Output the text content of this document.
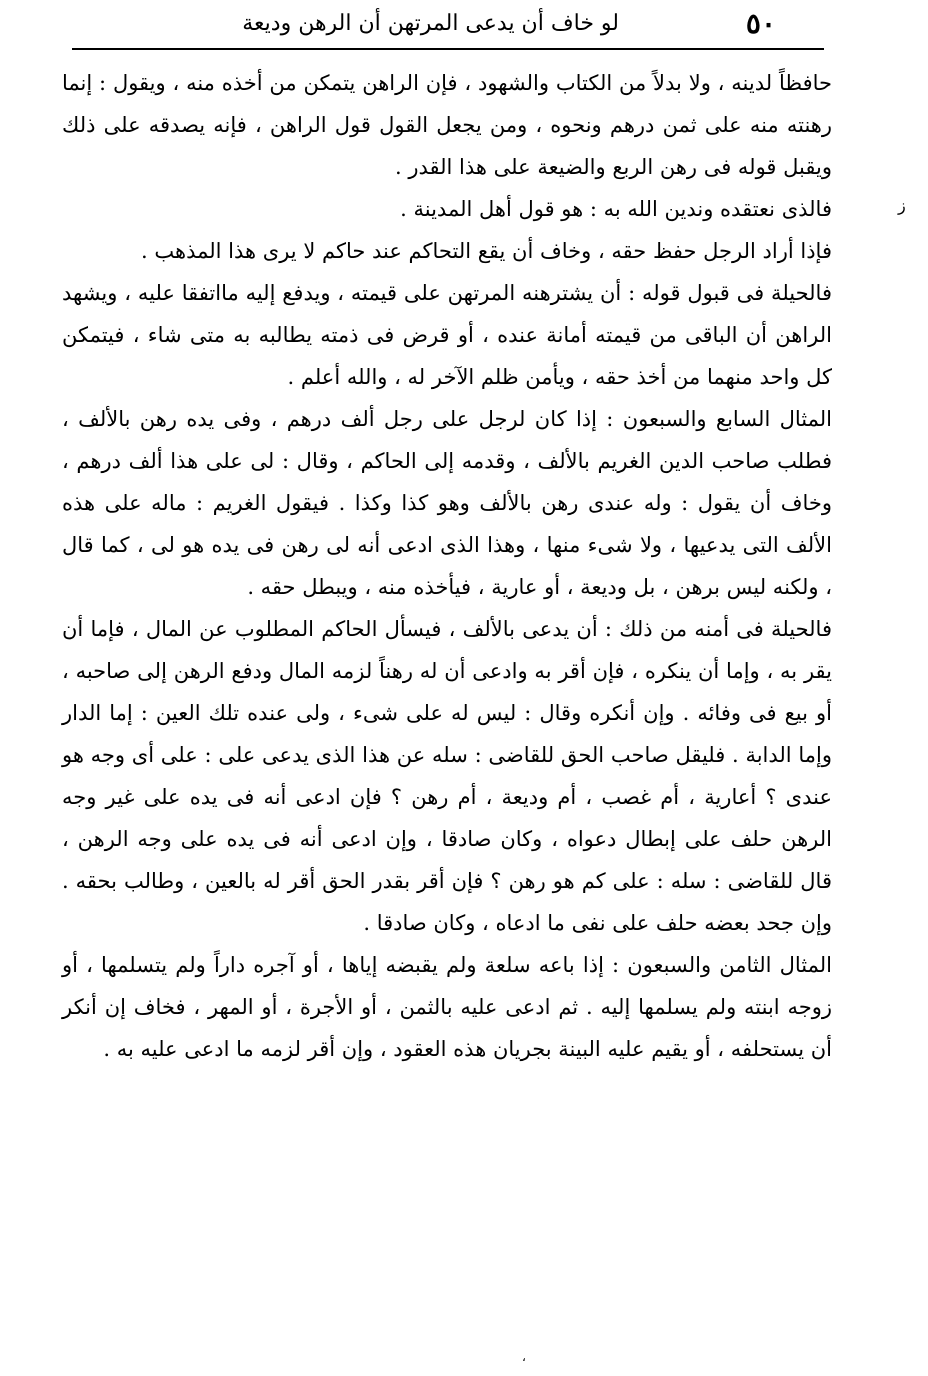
٥٠
لو خاف أن يدعى المرتهن أن الرهن وديعة

حافظاً لدينه ، ولا بدلاً من الكتاب والشهود ، فإن الراهن يتمكن من أخذه منه ، ويقول : إنما رهنته منه على ثمن درهم ونحوه ، ومن يجعل القول قول الراهن ، فإنه يصدقه على ذلك ويقبل قوله فى رهن الربع والضيعة على هذا القدر .

فالذى نعتقده وندين الله به : هو قول أهل المدينة .

فإذا أراد الرجل حفظ حقه ، وخاف أن يقع التحاكم عند حاكم لا يرى هذا المذهب .

فالحيلة فى قبول قوله : أن يشترهنه المرتهن على قيمته ، ويدفع إليه مااتفقا عليه ، ويشهد الراهن أن الباقى من قيمته أمانة عنده ، أو قرض فى ذمته يطالبه به متى شاء ، فيتمكن كل واحد منهما من أخذ حقه ، ويأمن ظلم الآخر له ، والله أعلم .

المثال السابع والسبعون : إذا كان لرجل على رجل ألف درهم ، وفى يده رهن بالألف ، فطلب صاحب الدين الغريم بالألف ، وقدمه إلى الحاكم ، وقال : لى على هذا ألف درهم ، وخاف أن يقول : وله عندى رهن بالألف وهو كذا وكذا . فيقول الغريم : ماله على هذه الألف التى يدعيها ، ولا شىء منها ، وهذا الذى ادعى أنه لى رهن فى يده هو لى ، كما قال ، ولكنه ليس برهن ، بل وديعة ، أو عارية ، فيأخذه منه ، ويبطل حقه .

فالحيلة فى أمنه من ذلك : أن يدعى بالألف ، فيسأل الحاكم المطلوب عن المال ، فإما أن يقر به ، وإما أن ينكره ، فإن أقر به وادعى أن له رهناً لزمه المال ودفع الرهن إلى صاحبه ، أو بيع فى وفائه . وإن أنكره وقال : ليس له على شىء ، ولى عنده تلك العين : إما الدار وإما الدابة . فليقل صاحب الحق للقاضى : سله عن هذا الذى يدعى على : على أى وجه هو عندى ؟ أعارية ، أم غصب ، أم وديعة ، أم رهن ؟ فإن ادعى أنه فى يده على غير وجه الرهن حلف على إبطال دعواه ، وكان صادقا ، وإن ادعى أنه فى يده على وجه الرهن ، قال للقاضى : سله : على كم هو رهن ؟ فإن أقر بقدر الحق أقر له بالعين ، وطالب بحقه . وإن جحد بعضه حلف على نفى ما ادعاه ، وكان صادقا .

المثال الثامن والسبعون : إذا باعه سلعة ولم يقبضه إياها ، أو آجره داراً ولم يتسلمها ، أو زوجه ابنته ولم يسلمها إليه . ثم ادعى عليه بالثمن ، أو الأجرة ، أو المهر ، فخاف إن أنكر أن يستحلفه ، أو يقيم عليه البينة بجريان هذه العقود ، وإن أقر لزمه ما ادعى عليه به .

ز
،
